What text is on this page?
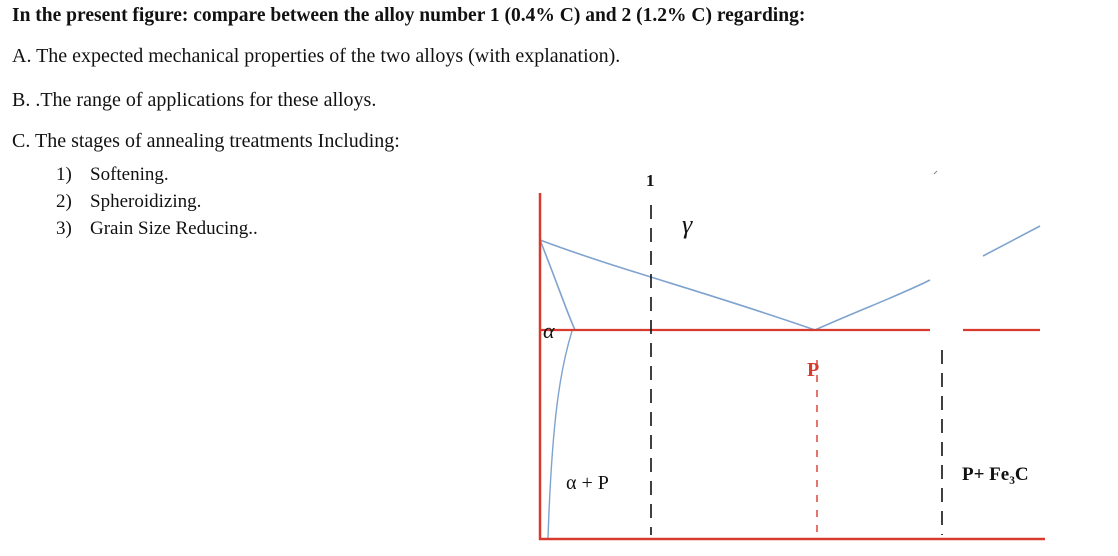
In the present figure: compare between the alloy number 1 (0.4% C) and 2 (1.2% C) regarding:
A. The expected mechanical properties of the two alloys (with explanation).
B. .The range of applications for these alloys.
C. The stages of annealing treatments Including:
1) Softening.
2) Spheroidizing.
3) Grain Size Reducing..
1
γ
α
α + P
P
P+ Fe₃C
